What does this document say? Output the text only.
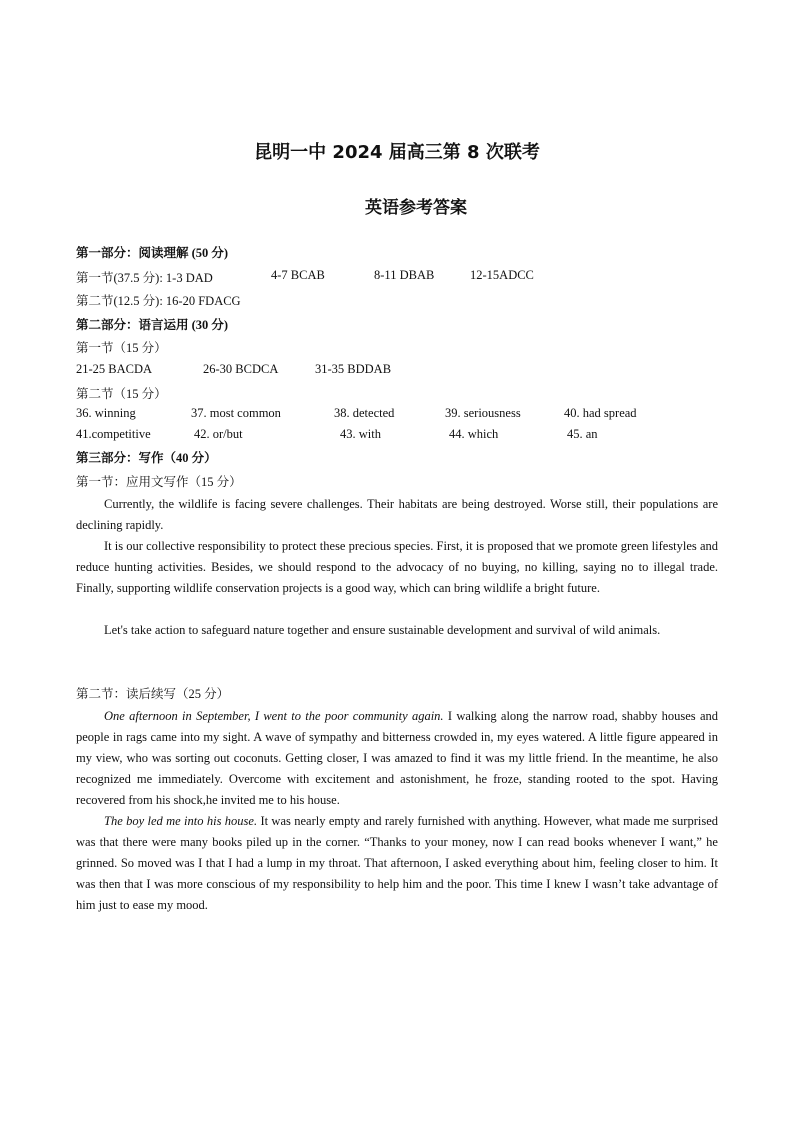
昆明一中 2024 届高三第 8 次联考
英语参考答案
第一部分：阅读理解 (50 分)
第一节(37.5 分): 1-3 DAD	4-7 BCAB	8-11 DBAB	12-15ADCC
第二节(12.5 分): 16-20 FDACG
第二部分：语言运用 (30 分)
第一节（15 分）
21-25 BACDA	26-30 BCDCA	31-35 BDDAB
第二节（15 分）
36. winning	37. most common	38. detected	39. seriousness	40. had spread
41.competitive	42. or/but	43. with	44. which	45. an
第三部分：写作（40 分）
第一节：应用文写作（15 分）

Currently, the wildlife is facing severe challenges. Their habitats are being destroyed. Worse still, their populations are declining rapidly.

It is our collective responsibility to protect these precious species. First, it is proposed that we promote green lifestyles and reduce hunting activities. Besides, we should respond to the advocacy of no buying, no killing, saying no to illegal trade. Finally, supporting wildlife conservation projects is a good way, which can bring wildlife a bright future.

Let's take action to safeguard nature together and ensure sustainable development and survival of wild animals.

第二节：读后续写（25 分）

One afternoon in September, I went to the poor community again. I walking along the narrow road, shabby houses and people in rags came into my sight. A wave of sympathy and bitterness crowded in, my eyes watered. A little figure appeared in my view, who was sorting out coconuts. Getting closer, I was amazed to find it was my little friend. In the meantime, he also recognized me immediately. Overcome with excitement and astonishment, he froze, standing rooted to the spot. Having recovered from his shock,he invited me to his house.

The boy led me into his house. It was nearly empty and rarely furnished with anything. However, what made me surprised was that there were many books piled up in the corner. “Thanks to your money, now I can read books whenever I want,” he grinned. So moved was I that I had a lump in my throat. That afternoon, I asked everything about him, feeling closer to him. It was then that I was more conscious of my responsibility to help him and the poor. This time I knew I wasn’t take advantage of him just to ease my mood.
